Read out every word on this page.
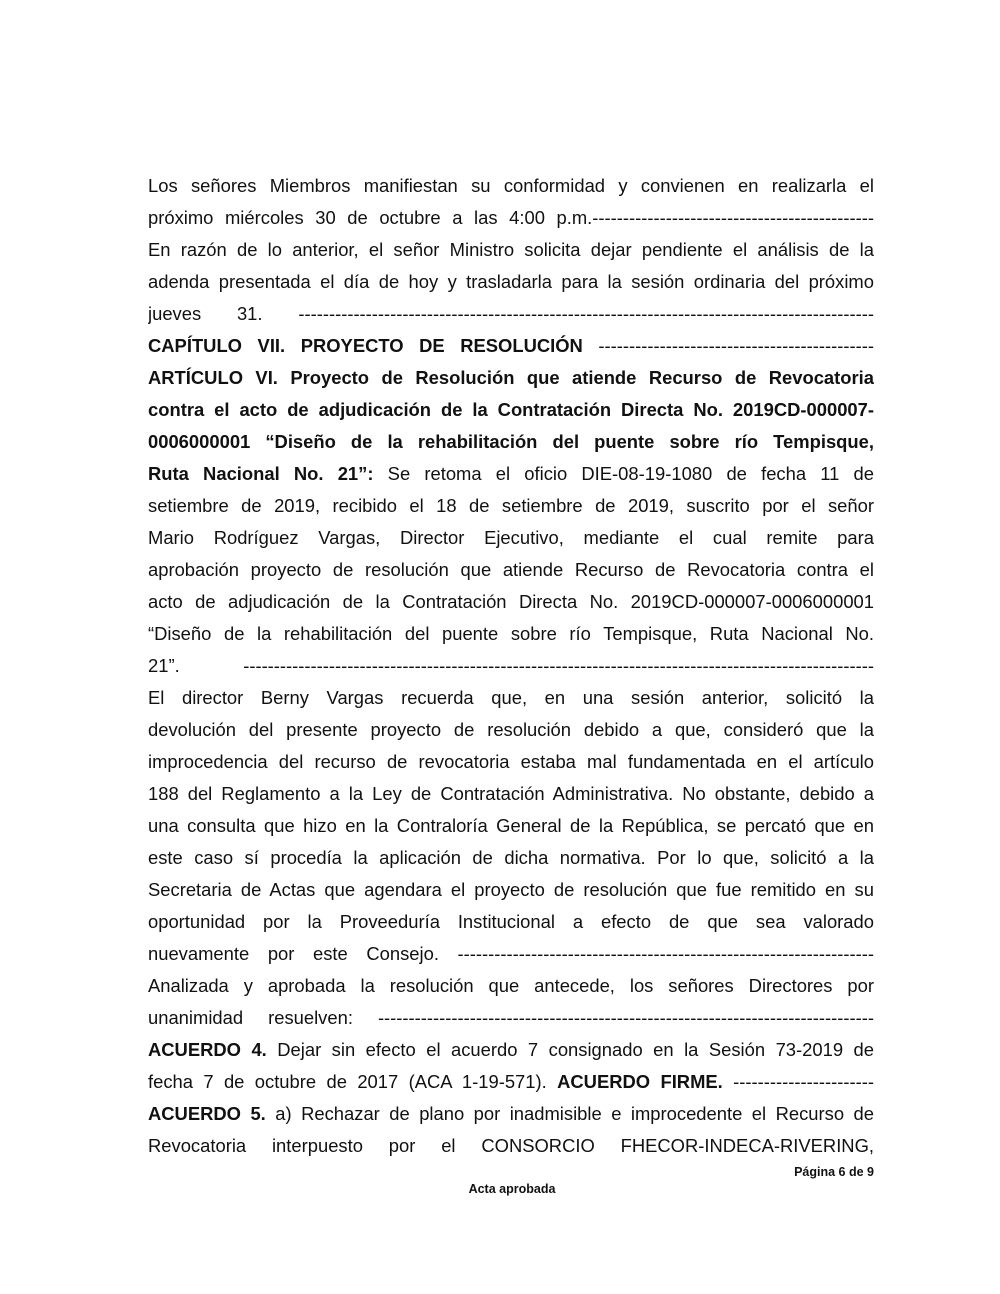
Los señores Miembros manifiestan su conformidad y convienen en realizarla el
próximo miércoles 30 de octubre a las 4:00 p.m.----------------------------------------------
En razón de lo anterior, el señor Ministro solicita dejar pendiente el análisis de la
adenda presentada el día de hoy y trasladarla para la sesión ordinaria del próximo
jueves 31. ----------------------------------------------------------------------------------------------
CAPÍTULO VII. PROYECTO DE RESOLUCIÓN ---------------------------------------------
ARTÍCULO VI. Proyecto de Resolución que atiende Recurso de Revocatoria
contra el acto de adjudicación de la Contratación Directa No. 2019CD-000007-
0006000001 “Diseño de la rehabilitación del puente sobre río Tempisque,
Ruta Nacional No. 21”: Se retoma el oficio DIE-08-19-1080 de fecha 11 de
setiembre de 2019, recibido el 18 de setiembre de 2019, suscrito por el señor
Mario Rodríguez Vargas, Director Ejecutivo, mediante el cual remite para
aprobación proyecto de resolución que atiende Recurso de Revocatoria contra el
acto de adjudicación de la Contratación Directa No. 2019CD-000007-0006000001
“Diseño de la rehabilitación del puente sobre río Tempisque, Ruta Nacional No.
21”. -------------------------------------------------------------------------------------------------------
El director Berny Vargas recuerda que, en una sesión anterior, solicitó la
devolución del presente proyecto de resolución debido a que, consideró que la
improcedencia del recurso de revocatoria estaba mal fundamentada en el artículo
188 del Reglamento a la Ley de Contratación Administrativa. No obstante, debido a
una consulta que hizo en la Contraloría General de la República, se percató que en
este caso sí procedía la aplicación de dicha normativa. Por lo que, solicitó a la
Secretaria de Actas que agendara el proyecto de resolución que fue remitido en su
oportunidad por la Proveeduría Institucional a efecto de que sea valorado
nuevamente por este Consejo. --------------------------------------------------------------------
Analizada y aprobada la resolución que antecede, los señores Directores por
unanimidad resuelven: ---------------------------------------------------------------------------------
ACUERDO 4. Dejar sin efecto el acuerdo 7 consignado en la Sesión 73-2019 de
fecha 7 de octubre de 2017 (ACA 1-19-571). ACUERDO FIRME. -----------------------
ACUERDO 5. a) Rechazar de plano por inadmisible e improcedente el Recurso de
Revocatoria interpuesto por el CONSORCIO FHECOR-INDECA-RIVERING,
Página 6 de 9
Acta aprobada
